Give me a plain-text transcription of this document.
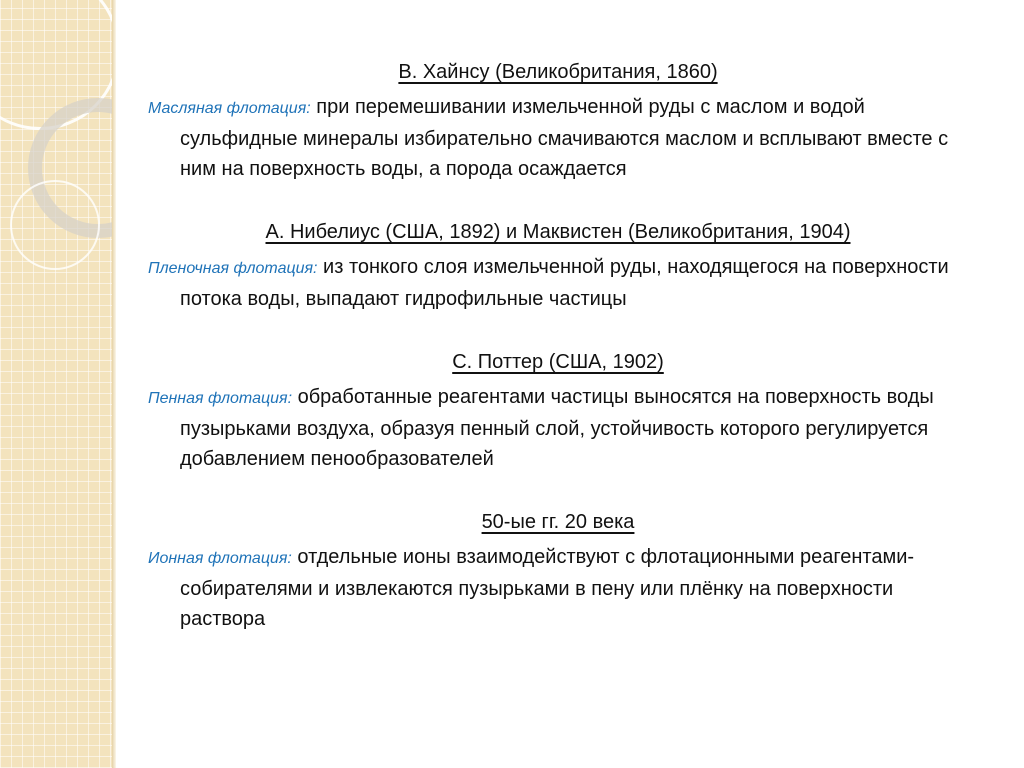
В. Хайнсу (Великобритания, 1860)

Масляная флотация: при перемешивании измельченной руды с маслом и водой сульфидные минералы избирательно смачиваются маслом и всплывают вместе с ним на поверхность воды, а порода осаждается

А. Нибелиус (США, 1892) и Маквистен (Великобритания, 1904)

Пленочная флотация: из тонкого слоя измельченной руды, находящегося на поверхности потока воды, выпадают гидрофильные частицы

С. Поттер (США, 1902)

Пенная флотация: обработанные реагентами частицы выносятся на поверхность воды пузырьками воздуха, образуя пенный слой, устойчивость которого регулируется добавлением пенообразователей

50-ые гг. 20 века

Ионная флотация: отдельные ионы взаимодействуют с флотационными реагентами-собирателями и извлекаются пузырьками в пену или плёнку на поверхности раствора
